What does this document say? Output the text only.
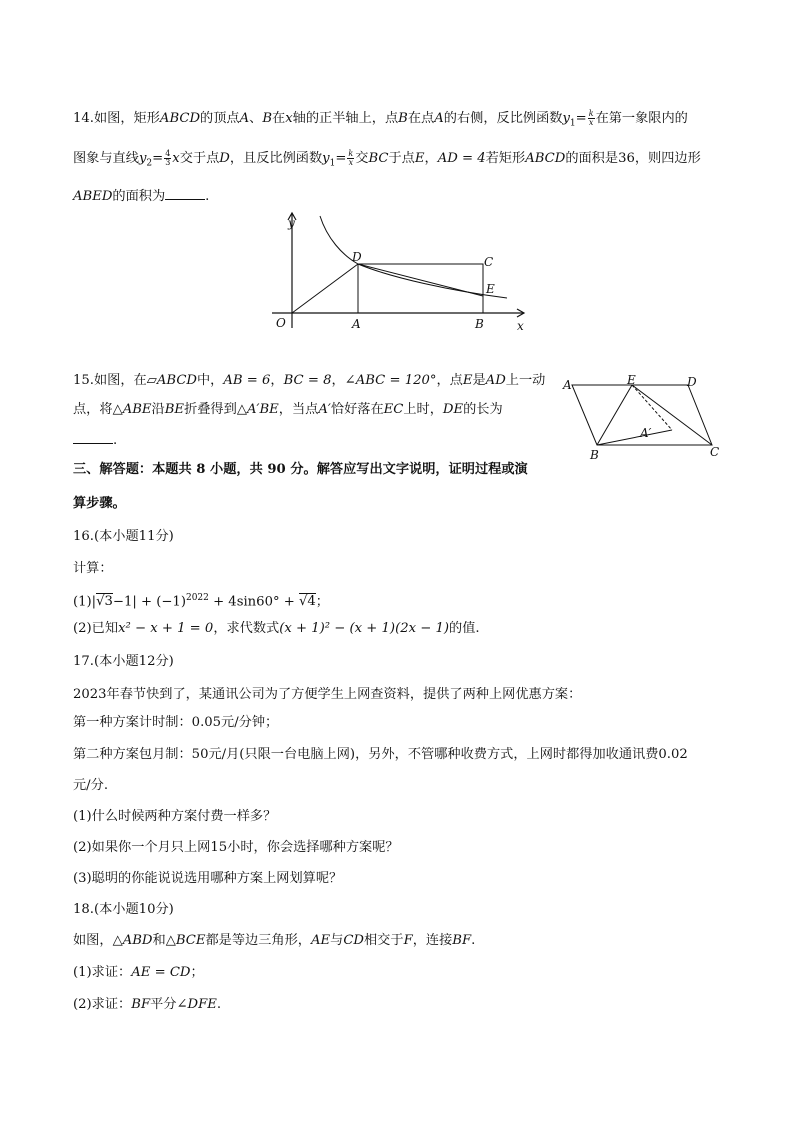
14.如图，矩形ABCD的顶点A、B在x轴的正半轴上，点B在点A的右侧，反比例函数$y_1= \frac{k}{x}$ 在第一象限内的
图象与直线$y_2= \frac{4}{3}$ x交于点D，且反比例函数$y_1= \frac{k}{x}$ 交BC于点E，AD = 4若矩形ABCD的面积是36，则四边形
ABED的面积为	.
y
x
O	A	B
C
D
E
15.如图，在▱ABCD中，AB = 6，BC = 8，∠ABC = 120°，点E是AD上一动
点，将△ABE沿BE折叠得到△A′BE，当点A′恰好落在EC上时，DE的长为
.
A	E	D
A′
B	C
三、解答题：本题共 8 小题，共 90 分。解答应写出文字说明，证明过程或演
算步骤。
16.(本小题11分)
计算：
$(1)|√3-1| + (-1)^{2022} + 4\sin 60^\circ + √4$；
(2)已知x² − x + 1 = 0，求代数式(x + 1)² − (x + 1)(2x − 1)的值.
17.(本小题12分)
2023年春节快到了，某通讯公司为了方便学生上网查资料，提供了两种上网优惠方案：
第一种方案计时制：0.05元/分钟；
第二种方案包月制：50元/月(只限一台电脑上网)，另外，不管哪种收费方式，上网时都得加收通讯费0.02
元/分.
(1)什么时候两种方案付费一样多？
(2)如果你一个月只上网15小时，你会选择哪种方案呢？
(3)聪明的你能说说选用哪种方案上网划算呢？
18.(本小题10分)
如图，△ABD和△BCE都是等边三角形，AE与CD相交于F，连接BF.
(1)求证：AE = CD；
(2)求证：BF平分∠DFE.
